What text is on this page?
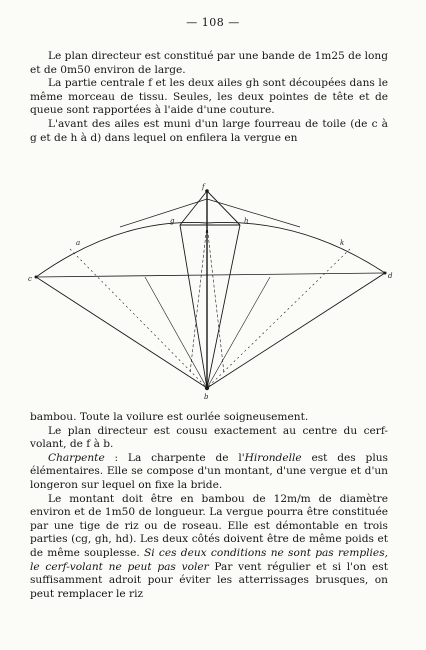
— 108 —

Le plan directeur est constitué par une bande de 1m25 de long et de 0m50 environ de large.

La partie centrale f et les deux ailes gh sont découpées dans le même morceau de tissu. Seules, les deux pointes de tête et de queue sont rapportées à l'aide d'une couture.

L'avant des ailes est muni d'un large fourreau de toile (de c à g et de h à d) dans lequel on enfilera la vergue en

f
c	d
b
g	h
a	k

bambou. Toute la voilure est ourlée soigneusement.

Le plan directeur est cousu exactement au centre du cerf-volant, de f à b.

Charpente : La charpente de l'Hirondelle est des plus élémentaires. Elle se compose d'un montant, d'une vergue et d'un longeron sur lequel on fixe la bride.

Le montant doit être en bambou de 12m/m de diamètre environ et de 1m50 de longueur. La vergue pourra être constituée par une tige de riz ou de roseau. Elle est démontable en trois parties (cg, gh, hd). Les deux côtés doivent être de même poids et de même souplesse. Si ces deux conditions ne sont pas remplies, le cerf-volant ne peut pas voler Par vent régulier et si l'on est suffisamment adroit pour éviter les atterrissages brusques, on peut remplacer le riz
